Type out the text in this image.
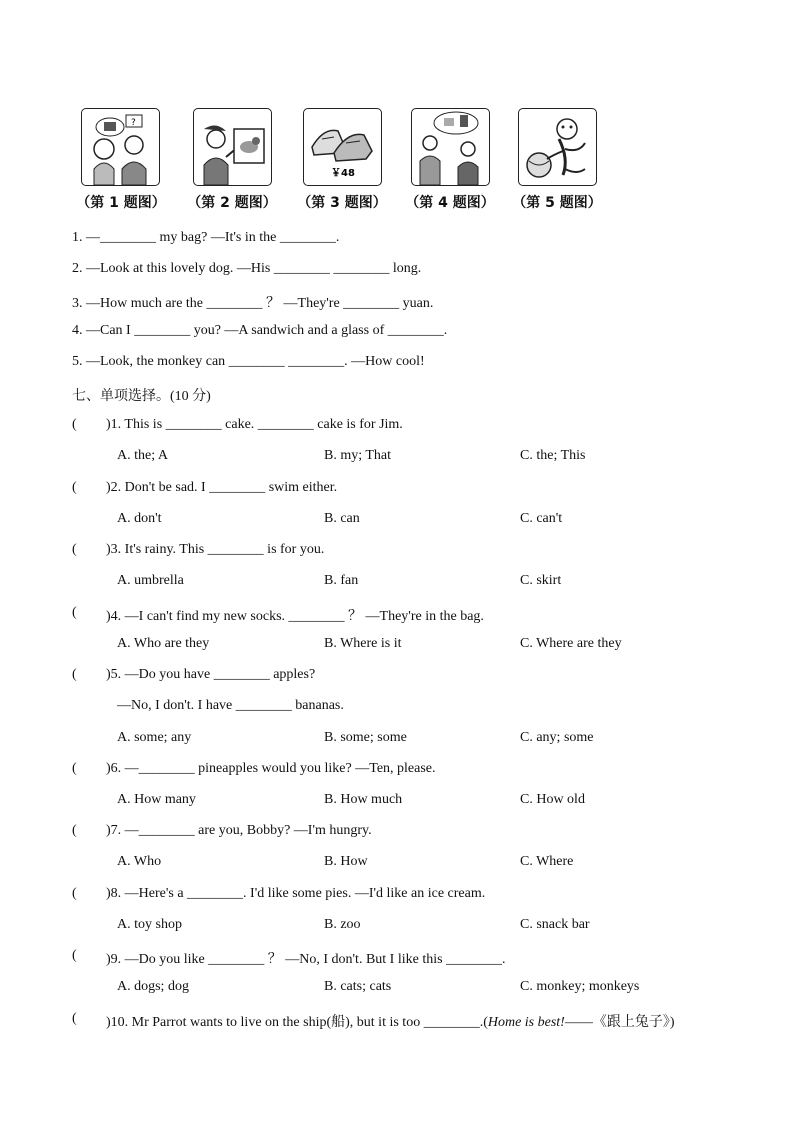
?
（第 1 题图）	（第 2 题图）
￥48
（第 3 题图）	（第 4 题图）	（第 5 题图）
1. —________ my bag? —It's in the ________.
2. —Look at this lovely dog. —His ________ ________ long.
3. —How much are the ________ ？ —They're ________ yuan.
4. —Can I ________ you? —A sandwich and a glass of ________.
5. —Look, the monkey can ________ ________. —How cool!
七、单项选择。(10 分)
( )1. This is ________ cake. ________ cake is for Jim.
A. the; A	B. my; That	C. the; This
( )2. Don't be sad. I ________ swim either.
A. don't	B. can	C. can't
( )3. It's rainy. This ________ is for you.
A. umbrella	B. fan	C. skirt
( )4. —I can't find my new socks. ________ ？ —They're in the bag.
A. Who are they	B. Where is it	C. Where are they
( )5. —Do you have ________ apples?
—No, I don't. I have ________ bananas.
A. some; any	B. some; some	C. any; some
( )6. —________ pineapples would you like? —Ten, please.
A. How many	B. How much	C. How old
( )7. —________ are you, Bobby? —I'm hungry.
A. Who	B. How	C. Where
( )8. —Here's a ________. I'd like some pies. —I'd like an ice cream.
A. toy shop	B. zoo	C. snack bar
( )9. —Do you like ________ ？ —No, I don't. But I like this ________.
A. dogs; dog	B. cats; cats	C. monkey; monkeys
( )10. Mr Parrot wants to live on the ship(船), but it is too ________.(Home is best!——《跟上兔子》)
